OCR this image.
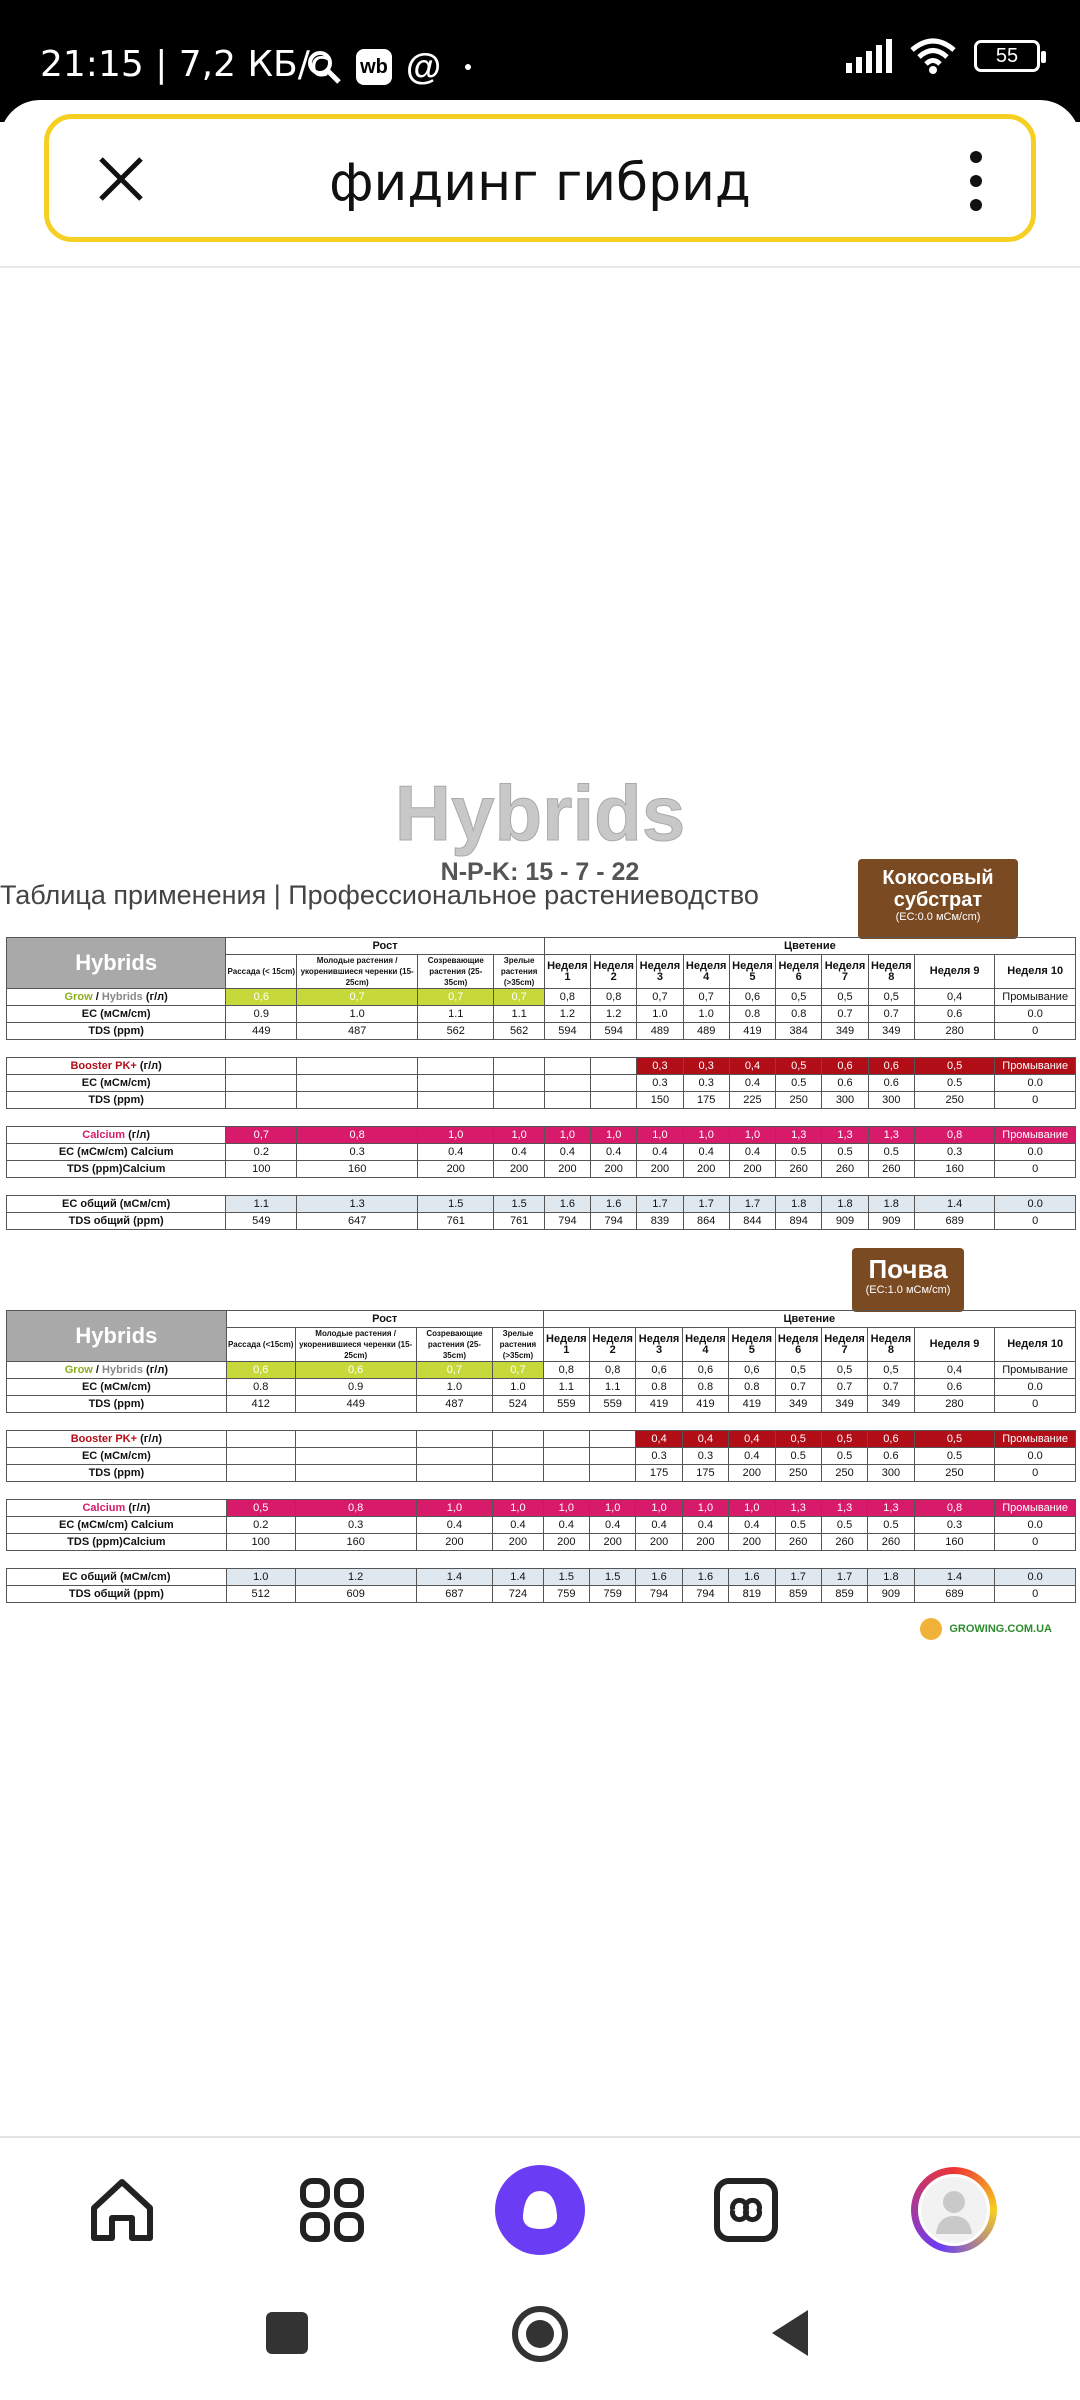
21:15 | 7,2 КБ/с wb @	55
фидинг гибрид
Hybrids
N-P-K: 15 - 7 - 22
Таблица применения | Профессиональное растениеводство
Кокосовый субстрат
(EC:0.0 мСм/cm)
Hybrids	Рост				Цветение									
	Рассада (< 15cm)	Молодые растения / укоренившиеся черенки (15-25cm)	Созревающие растения (25-35cm)	Зрелые растения (>35cm)	Неделя 1	Неделя 2	Неделя 3	Неделя 4	Неделя 5	Неделя 6	Неделя 7	Неделя 8	Неделя 9	Неделя 10
Grow / Hybrids (г/л)	0,6	0,7	0,7	0,7	0,8	0,8	0,7	0,7	0,6	0,5	0,5	0,5	0,4	Промывание
EC (мСм/cm)	0.9	1.0	1.1	1.1	1.2	1.2	1.0	1.0	0.8	0.8	0.7	0.7	0.6	0.0
TDS (ppm)	449	487	562	562	594	594	489	489	419	384	349	349	280	0

Booster PK+ (г/л)							0,3	0,3	0,4	0,5	0,6	0,6	0,5	Промывание
EC (мСм/cm)							0.3	0.3	0.4	0.5	0.6	0.6	0.5	0.0
TDS (ppm)							150	175	225	250	300	300	250	0

Calcium (г/л)	0,7	0,8	1,0	1,0	1,0	1,0	1,0	1,0	1,0	1,3	1,3	1,3	0,8	Промывание
EC (мСм/cm) Calcium	0.2	0.3	0.4	0.4	0.4	0.4	0.4	0.4	0.4	0.5	0.5	0.5	0.3	0.0
TDS (ppm)Calcium	100	160	200	200	200	200	200	200	200	260	260	260	160	0

EC общий (мСм/cm)	1.1	1.3	1.5	1.5	1.6	1.6	1.7	1.7	1.7	1.8	1.8	1.8	1.4	0.0
TDS общий (ppm)	549	647	761	761	794	794	839	864	844	894	909	909	689	0
Почва
(EC:1.0 мСм/cm)
Hybrids	Рост				Цветение									
	Рассада (<15cm)	Молодые растения / укоренившиеся черенки (15-25cm)	Созревающие растения (25-35cm)	Зрелые растения (>35cm)	Неделя 1	Неделя 2	Неделя 3	Неделя 4	Неделя 5	Неделя 6	Неделя 7	Неделя 8	Неделя 9	Неделя 10
Grow / Hybrids (г/л)	0,6	0,6	0,7	0,7	0,8	0,8	0,6	0,6	0,6	0,5	0,5	0,5	0,4	Промывание
EC (мСм/cm)	0.8	0.9	1.0	1.0	1.1	1.1	0.8	0.8	0.8	0.7	0.7	0.7	0.6	0.0
TDS (ppm)	412	449	487	524	559	559	419	419	419	349	349	349	280	0

Booster PK+ (г/л)							0,4	0,4	0,4	0,5	0,5	0,6	0,5	Промывание
EC (мСм/cm)							0.3	0.3	0.4	0.5	0.5	0.6	0.5	0.0
TDS (ppm)							175	175	200	250	250	300	250	0

Calcium (г/л)	0,5	0,8	1,0	1,0	1,0	1,0	1,0	1,0	1,0	1,3	1,3	1,3	0,8	Промывание
EC (мСм/cm) Calcium	0.2	0.3	0.4	0.4	0.4	0.4	0.4	0.4	0.4	0.5	0.5	0.5	0.3	0.0
TDS (ppm)Calcium	100	160	200	200	200	200	200	200	200	260	260	260	160	0

EC общий (мСм/cm)	1.0	1.2	1.4	1.4	1.5	1.5	1.6	1.6	1.6	1.7	1.7	1.8	1.4	0.0
TDS общий (ppm)	512	609	687	724	759	759	794	794	819	859	859	909	689	0
GROWING.COM.UA
